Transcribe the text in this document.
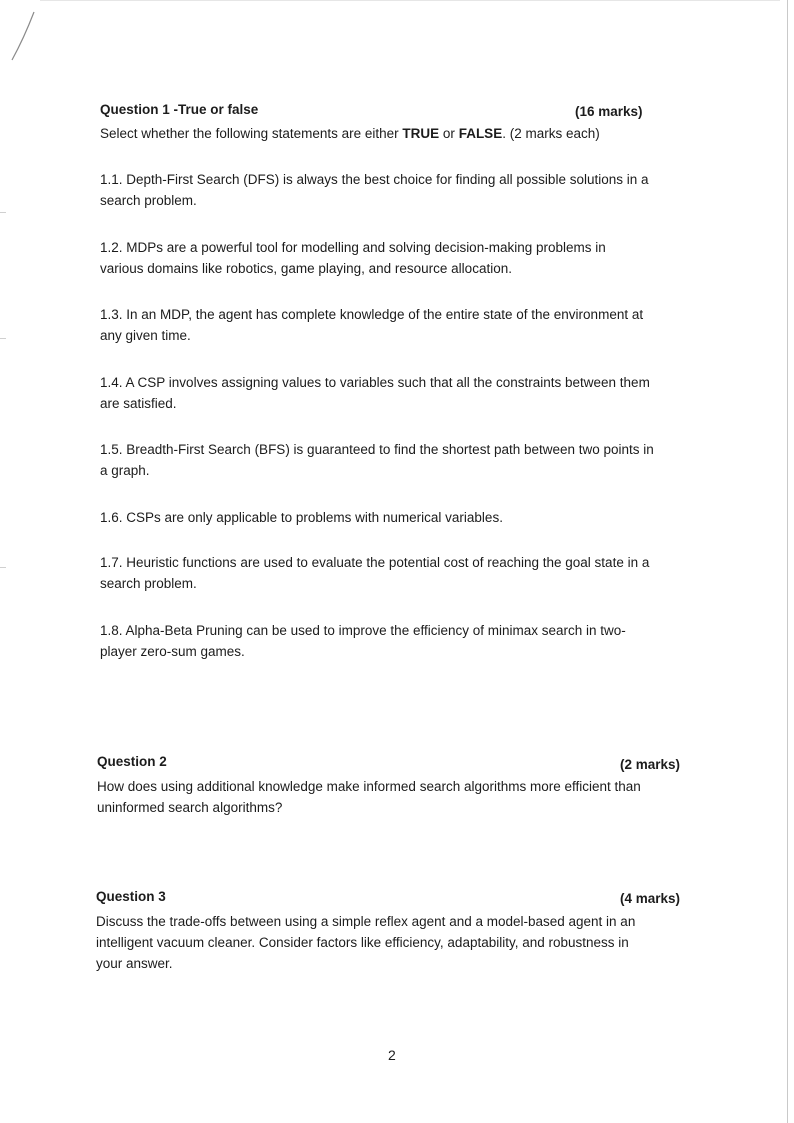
Question 1 -True or false	(16 marks)
Select whether the following statements are either TRUE or FALSE. (2 marks each)
1.1. Depth-First Search (DFS) is always the best choice for finding all possible solutions in a
search problem.
1.2. MDPs are a powerful tool for modelling and solving decision-making problems in
various domains like robotics, game playing, and resource allocation.
1.3. In an MDP, the agent has complete knowledge of the entire state of the environment at
any given time.
1.4. A CSP involves assigning values to variables such that all the constraints between them
are satisfied.
1.5. Breadth-First Search (BFS) is guaranteed to find the shortest path between two points in
a graph.
1.6. CSPs are only applicable to problems with numerical variables.
1.7. Heuristic functions are used to evaluate the potential cost of reaching the goal state in a
search problem.
1.8. Alpha-Beta Pruning can be used to improve the efficiency of minimax search in two-
player zero-sum games.
Question 2	(2 marks)
How does using additional knowledge make informed search algorithms more efficient than
uninformed search algorithms?
Question 3	(4 marks)
Discuss the trade-offs between using a simple reflex agent and a model-based agent in an
intelligent vacuum cleaner. Consider factors like efficiency, adaptability, and robustness in
your answer.
2
